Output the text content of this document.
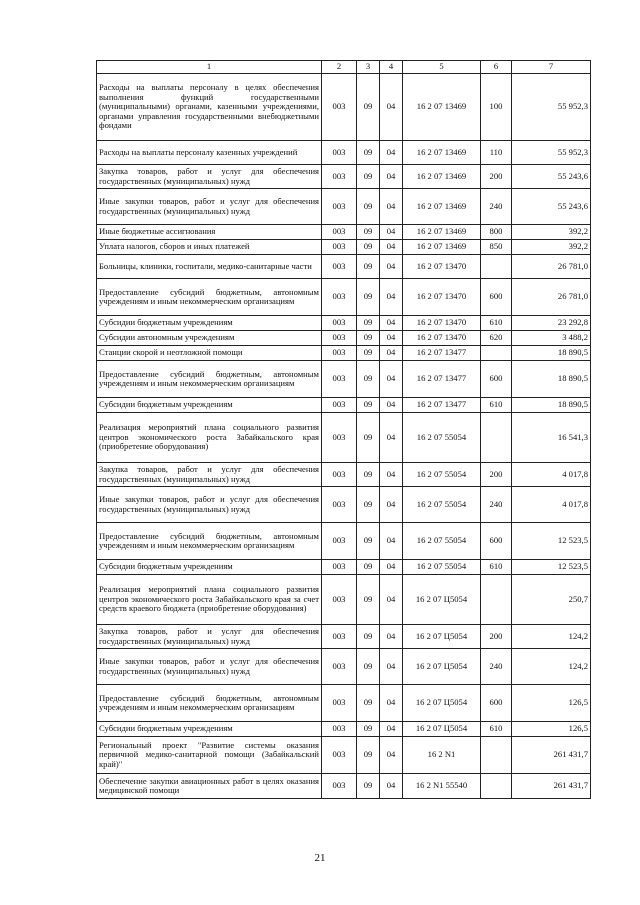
1	2	3	4	5	6	7
Расходы на выплаты персоналу в целях обеспечения выполнения функций государственными (муниципальными) органами, казенными учреждениями, органами управления государственными внебюджетными фондами	003	09	04	16 2 07 13469	100	55 952,3
Расходы на выплаты персоналу казенных учреждений	003	09	04	16 2 07 13469	110	55 952,3
Закупка товаров, работ и услуг для обеспечения государственных (муниципальных) нужд	003	09	04	16 2 07 13469	200	55 243,6
Иные закупки товаров, работ и услуг для обеспечения государственных (муниципальных) нужд	003	09	04	16 2 07 13469	240	55 243,6
Иные бюджетные ассигнования	003	09	04	16 2 07 13469	800	392,2
Уплата налогов, сборов и иных платежей	003	09	04	16 2 07 13469	850	392,2
Больницы, клиники, госпитали, медико-санитарные части	003	09	04	16 2 07 13470		26 781,0
Предоставление субсидий бюджетным, автономным учреждениям и иным некоммерческим организациям	003	09	04	16 2 07 13470	600	26 781,0
Субсидии бюджетным учреждениям	003	09	04	16 2 07 13470	610	23 292,8
Субсидии автономным учреждениям	003	09	04	16 2 07 13470	620	3 488,2
Станции скорой и неотложной помощи	003	09	04	16 2 07 13477		18 890,5
Предоставление субсидий бюджетным, автономным учреждениям и иным некоммерческим организациям	003	09	04	16 2 07 13477	600	18 890,5
Субсидии бюджетным учреждениям	003	09	04	16 2 07 13477	610	18 890,5
Реализация мероприятий плана социального развития центров экономического роста Забайкальского края (приобретение оборудования)	003	09	04	16 2 07 55054		16 541,3
Закупка товаров, работ и услуг для обеспечения государственных (муниципальных) нужд	003	09	04	16 2 07 55054	200	4 017,8
Иные закупки товаров, работ и услуг для обеспечения государственных (муниципальных) нужд	003	09	04	16 2 07 55054	240	4 017,8
Предоставление субсидий бюджетным, автономным учреждениям и иным некоммерческим организациям	003	09	04	16 2 07 55054	600	12 523,5
Субсидии бюджетным учреждениям	003	09	04	16 2 07 55054	610	12 523,5
Реализация мероприятий плана социального развития центров экономического роста Забайкальского края за счет средств краевого бюджета (приобретение оборудования)	003	09	04	16 2 07 Ц5054		250,7
Закупка товаров, работ и услуг для обеспечения государственных (муниципальных) нужд	003	09	04	16 2 07 Ц5054	200	124,2
Иные закупки товаров, работ и услуг для обеспечения государственных (муниципальных) нужд	003	09	04	16 2 07 Ц5054	240	124,2
Предоставление субсидий бюджетным, автономным учреждениям и иным некоммерческим организациям	003	09	04	16 2 07 Ц5054	600	126,5
Субсидии бюджетным учреждениям	003	09	04	16 2 07 Ц5054	610	126,5
Региональный проект "Развитие системы оказания первичной медико-санитарной помощи (Забайкальский край)"	003	09	04	16 2 N1		261 431,7
Обеспечение закупки авиационных работ в целях оказания медицинской помощи	003	09	04	16 2 N1 55540		261 431,7
21
